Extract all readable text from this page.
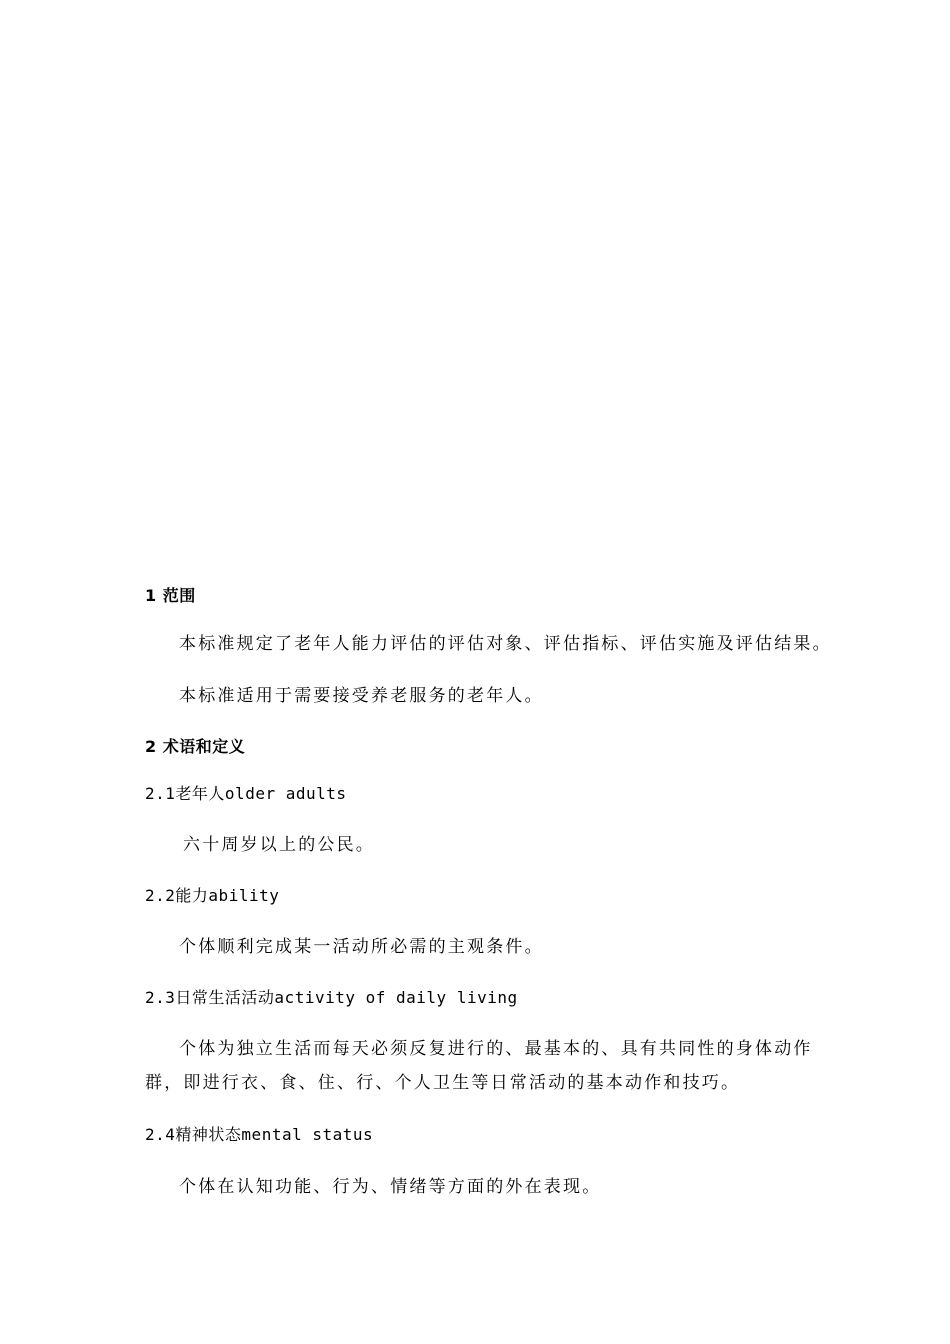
1 范围

本标准规定了老年人能力评估的评估对象、评估指标、评估实施及评估结果。

本标准适用于需要接受养老服务的老年人。

2 术语和定义

2.1老年人older adults

六十周岁以上的公民。

2.2能力ability

个体顺利完成某一活动所必需的主观条件。

2.3日常生活活动activity of daily living

个体为独立生活而每天必须反复进行的、最基本的、具有共同性的身体动作

群，即进行衣、食、住、行、个人卫生等日常活动的基本动作和技巧。

2.4精神状态mental status

个体在认知功能、行为、情绪等方面的外在表现。
